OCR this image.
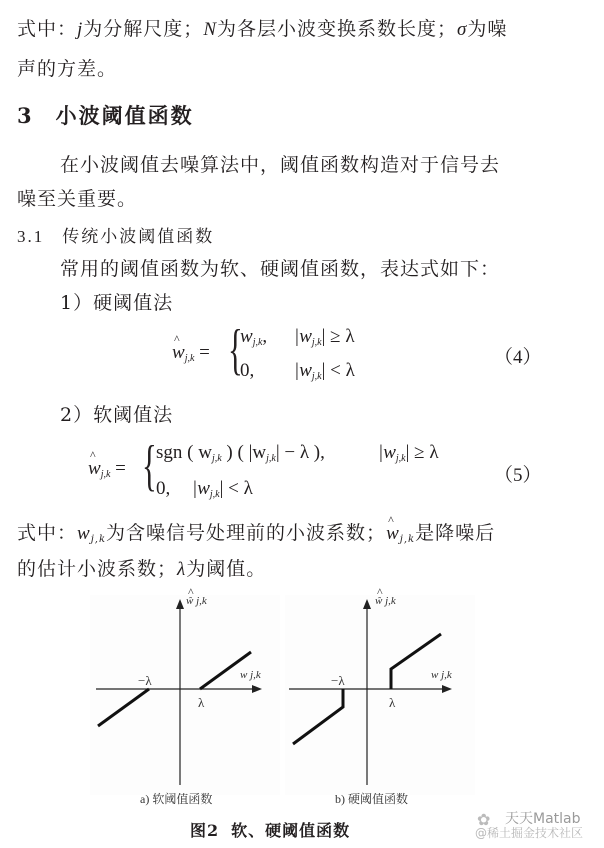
式中：j为分解尺度；N为各层小波变换系数长度；σ为噪
声的方差。
3 小波阈值函数
在小波阈值去噪算法中，阈值函数构造对于信号去
噪至关重要。
3.1 传统小波阈值函数
常用的阈值函数为软、硬阈值函数，表达式如下：
1）硬阈值法
^ $w_{j,k}$ = {
$w_{j,k}$, $|w_{j,k}| \ge \lambda$
0, $|w_{j,k}| < \lambda$
（4）
2）软阈值法
^ $w_{j,k}$ = { sgn ( $w_{j,k}$ ) ( $|w_{j,k}| - \lambda$ ),	$|w_{j,k}| \ge \lambda$
0, $|w_{j,k}| < \lambda$
（5）
式中：$w_{j,k}$为含噪信号处理前的小波系数；^ $w_{j,k}$是降噪后
的估计小波系数；λ为阈值。
^ ŵ j,k
w j,k
−λ
λ
a) 软阈值函数
^ ŵ j,k
w j,k
−λ
λ
b) 硬阈值函数
图2 软、硬阈值函数
✿	天天Matlab
@稀土掘金技术社区
